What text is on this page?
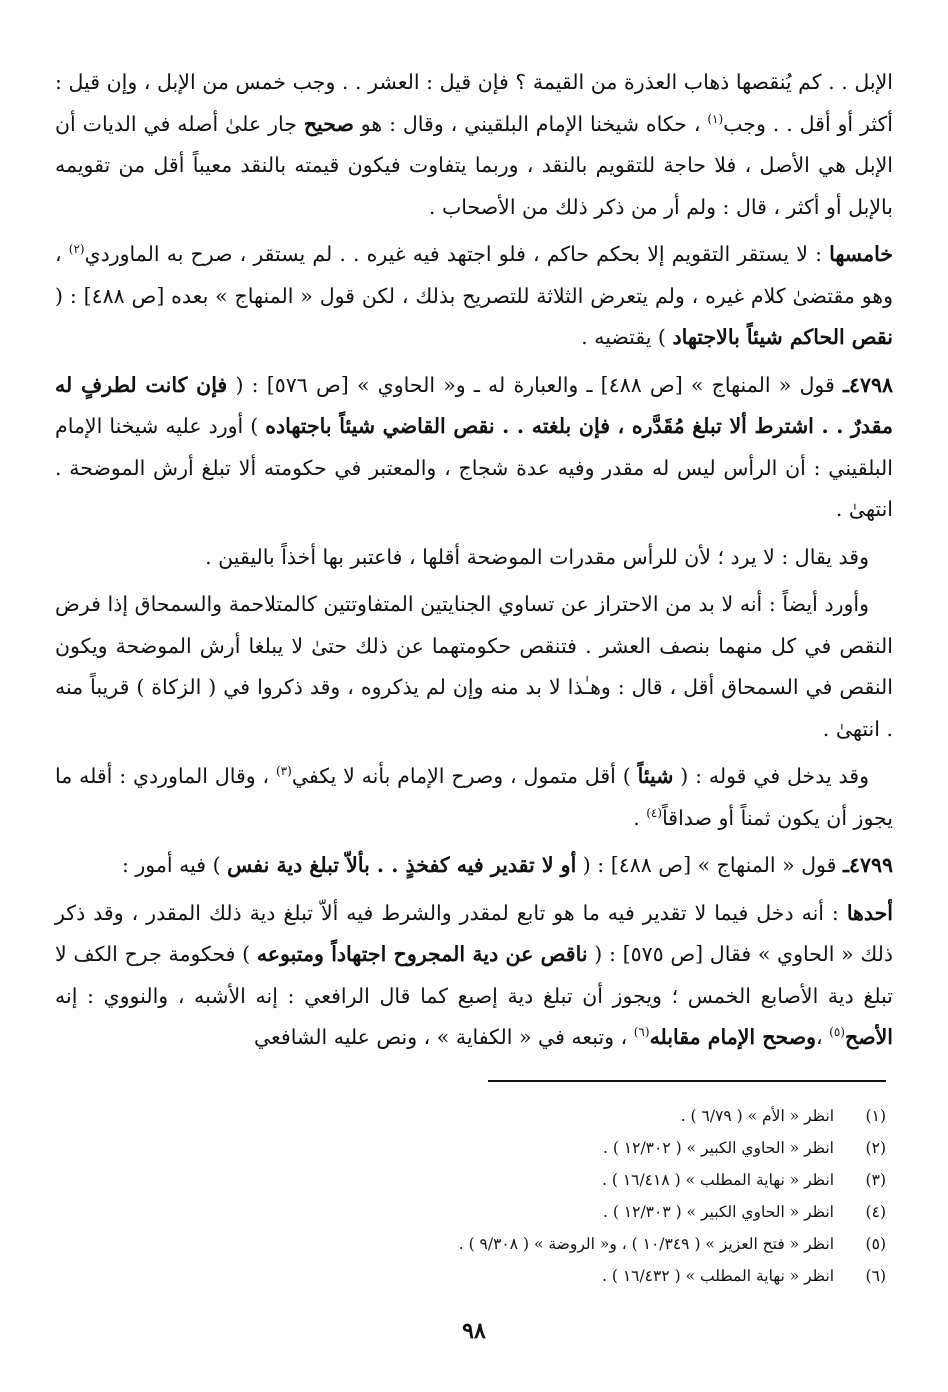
الإبل . . كم يُنقصها ذهاب العذرة من القيمة ؟ فإن قيل : العشر . . وجب خمس من الإبل ، وإن قيل : أكثر أو أقل . . وجب$^{(١)}$ ، حكاه شيخنا الإمام البلقيني ، وقال : هو صحيح جار علىٰ أصله في الديات أن الإبل هي الأصل ، فلا حاجة للتقويم بالنقد ، وربما يتفاوت فيكون قيمته بالنقد معيباً أقل من تقويمه بالإبل أو أكثر ، قال : ولم أر من ذكر ذلك من الأصحاب .

خامسها : لا يستقر التقويم إلا بحكم حاكم ، فلو اجتهد فيه غيره . . لم يستقر ، صرح به الماوردي$^{(٢)}$ ، وهو مقتضىٰ كلام غيره ، ولم يتعرض الثلاثة للتصريح بذلك ، لكن قول « المنهاج » بعده [ص ٤٨٨] : ( نقص الحاكم شيئاً بالاجتهاد ) يقتضيه .

٤٧٩٨ـ قول « المنهاج » [ص ٤٨٨] ـ والعبارة له ـ و« الحاوي » [ص ٥٧٦] : ( فإن كانت لطرفٍ له مقدرٌ . . اشترط ألا تبلغ مُقَدَّره ، فإن بلغته . . نقص القاضي شيئاً باجتهاده ) أورد عليه شيخنا الإمام البلقيني : أن الرأس ليس له مقدر وفيه عدة شجاج ، والمعتبر في حكومته ألا تبلغ أرش الموضحة . انتهىٰ .

وقد يقال : لا يرد ؛ لأن للرأس مقدرات الموضحة أقلها ، فاعتبر بها أخذاً باليقين .

وأورد أيضاً : أنه لا بد من الاحتراز عن تساوي الجنايتين المتفاوتتين كالمتلاحمة والسمحاق إذا فرض النقص في كل منهما بنصف العشر . فتنقص حكومتهما عن ذلك حتىٰ لا يبلغا أرش الموضحة ويكون النقص في السمحاق أقل ، قال : وهـٰذا لا بد منه وإن لم يذكروه ، وقد ذكروا في ( الزكاة ) قريباً منه . انتهىٰ .

وقد يدخل في قوله : ( شيئاً ) أقل متمول ، وصرح الإمام بأنه لا يكفي$^{(٣)}$ ، وقال الماوردي : أقله ما يجوز أن يكون ثمناً أو صداقاً$^{(٤)}$ .

٤٧٩٩ـ قول « المنهاج » [ص ٤٨٨] : ( أو لا تقدير فيه كفخذٍ . . بألاّ تبلغ دية نفس ) فيه أمور :

أحدها : أنه دخل فيما لا تقدير فيه ما هو تابع لمقدر والشرط فيه ألاّ تبلغ دية ذلك المقدر ، وقد ذكر ذلك « الحاوي » فقال [ص ٥٧٥] : ( ناقص عن دية المجروح اجتهاداً ومتبوعه ) فحكومة جرح الكف لا تبلغ دية الأصابع الخمس ؛ ويجوز أن تبلغ دية إصبع كما قال الرافعي : إنه الأشبه ، والنووي : إنه الأصح$^{(٥)}$ ،وصحح الإمام مقابله$^{(٦)}$ ، وتبعه في « الكفاية » ، ونص عليه الشافعي

(١)
انظر « الأم » ( ٦/٧٩ ) .
(٢)
انظر « الحاوي الكبير » ( ١٢/٣٠٢ ) .
(٣)
انظر « نهاية المطلب » ( ١٦/٤١٨ ) .
(٤)
انظر « الحاوي الكبير » ( ١٢/٣٠٣ ) .
(٥)
انظر « فتح العزيز » ( ١٠/٣٤٩ ) ، و« الروضة » ( ٩/٣٠٨ ) .
(٦)
انظر « نهاية المطلب » ( ١٦/٤٣٢ ) .
٩٨
